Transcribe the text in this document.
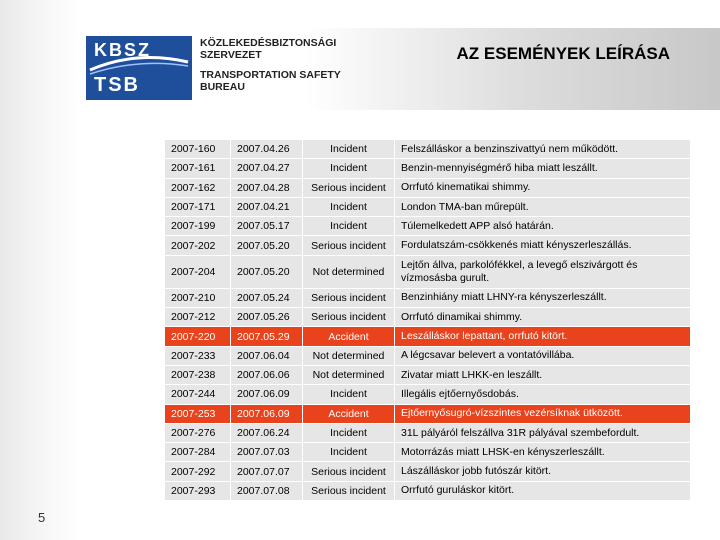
KBSZ
TSB
KÖZLEKEDÉSBIZTONSÁGI
SZERVEZET
TRANSPORTATION SAFETY
BUREAU
AZ ESEMÉNYEK LEÍRÁSA
2007-160	2007.04.26	Incident	Felszálláskor a benzinszivattyú nem működött.
2007-161	2007.04.27	Incident	Benzin-mennyiségmérő hiba miatt leszállt.
2007-162	2007.04.28	Serious incident	Orrfutó kinematikai shimmy.
2007-171	2007.04.21	Incident	London TMA-ban műrepült.
2007-199	2007.05.17	Incident	Túlemelkedett APP alsó határán.
2007-202	2007.05.20	Serious incident	Fordulatszám-csökkenés miatt kényszerleszállás.
2007-204	2007.05.20	Not determined	Lejtőn állva, parkolófékkel, a levegő elszivárgott és vízmosásba gurult.
2007-210	2007.05.24	Serious incident	Benzinhiány miatt LHNY-ra kényszerleszállt.
2007-212	2007.05.26	Serious incident	Orrfutó dinamikai shimmy.
2007-220	2007.05.29	Accident	Leszálláskor lepattant, orrfutó kitört.
2007-233	2007.06.04	Not determined	A légcsavar belevert a vontatóvillába.
2007-238	2007.06.06	Not determined	Zivatar miatt LHKK-en leszállt.
2007-244	2007.06.09	Incident	Illegális ejtőernyősdobás.
2007-253	2007.06.09	Accident	Ejtőernyősugró-vízszintes vezérsíknak ütközött.
2007-276	2007.06.24	Incident	31L pályáról felszállva 31R pályával szembefordult.
2007-284	2007.07.03	Incident	Motorrázás miatt LHSK-en kényszerleszállt.
2007-292	2007.07.07	Serious incident	Lászálláskor jobb futószár kitört.
2007-293	2007.07.08	Serious incident	Orrfutó guruláskor kitört.
5
